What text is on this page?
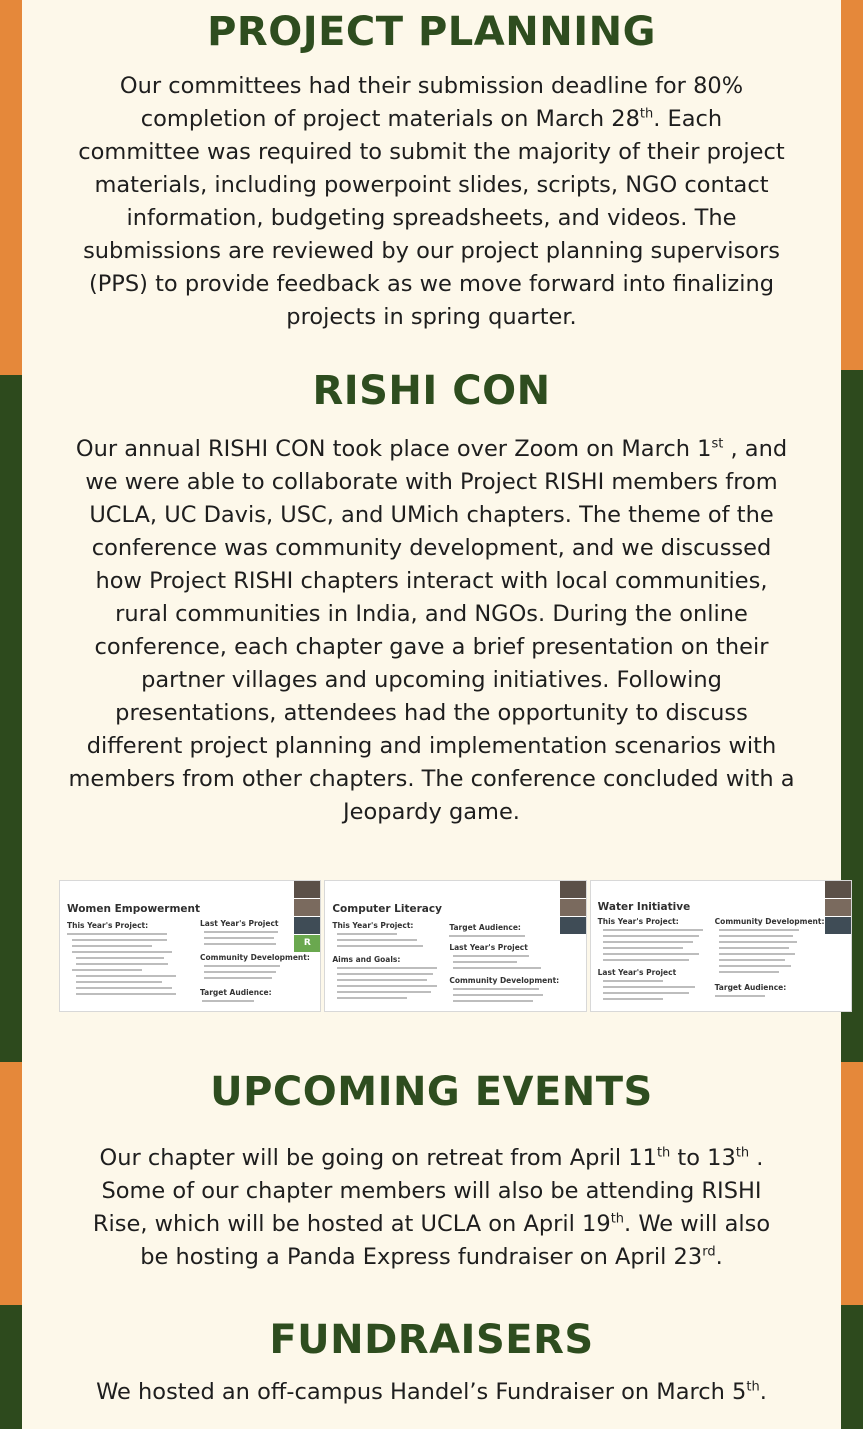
PROJECT PLANNING

Our committees had their submission deadline for 80% completion of project materials on March 28th. Each committee was required to submit the majority of their project materials, including powerpoint slides, scripts, NGO contact information, budgeting spreadsheets, and videos. The submissions are reviewed by our project planning supervisors (PPS) to provide feedback as we move forward into finalizing projects in spring quarter.

RISHI CON

Our annual RISHI CON took place over Zoom on March 1st , and we were able to collaborate with Project RISHI members from UCLA, UC Davis, USC, and UMich chapters. The theme of the conference was community development, and we discussed how Project RISHI chapters interact with local communities, rural communities in India, and NGOs. During the online conference, each chapter gave a brief presentation on their partner villages and upcoming initiatives. Following presentations, attendees had the opportunity to discuss different project planning and implementation scenarios with members from other chapters. The conference concluded with a Jeopardy game.

UPCOMING EVENTS

Our chapter will be going on retreat from April 11th to 13th . Some of our chapter members will also be attending RISHI Rise, which will be hosted at UCLA on April 19th. We will also be hosting a Panda Express fundraiser on April 23rd.

FUNDRAISERS

We hosted an off-campus Handel’s Fundraiser on March 5th.

Women Empowerment
This Year's Project:	Last Year's Project
Community Development:
Target Audience:
R
Computer Literacy
This Year's Project:
Aims and Goals:
Target Audience:
Last Year's Project
Community Development:
Water Initiative
This Year's Project:
Last Year's Project
Community Development:
Target Audience:
